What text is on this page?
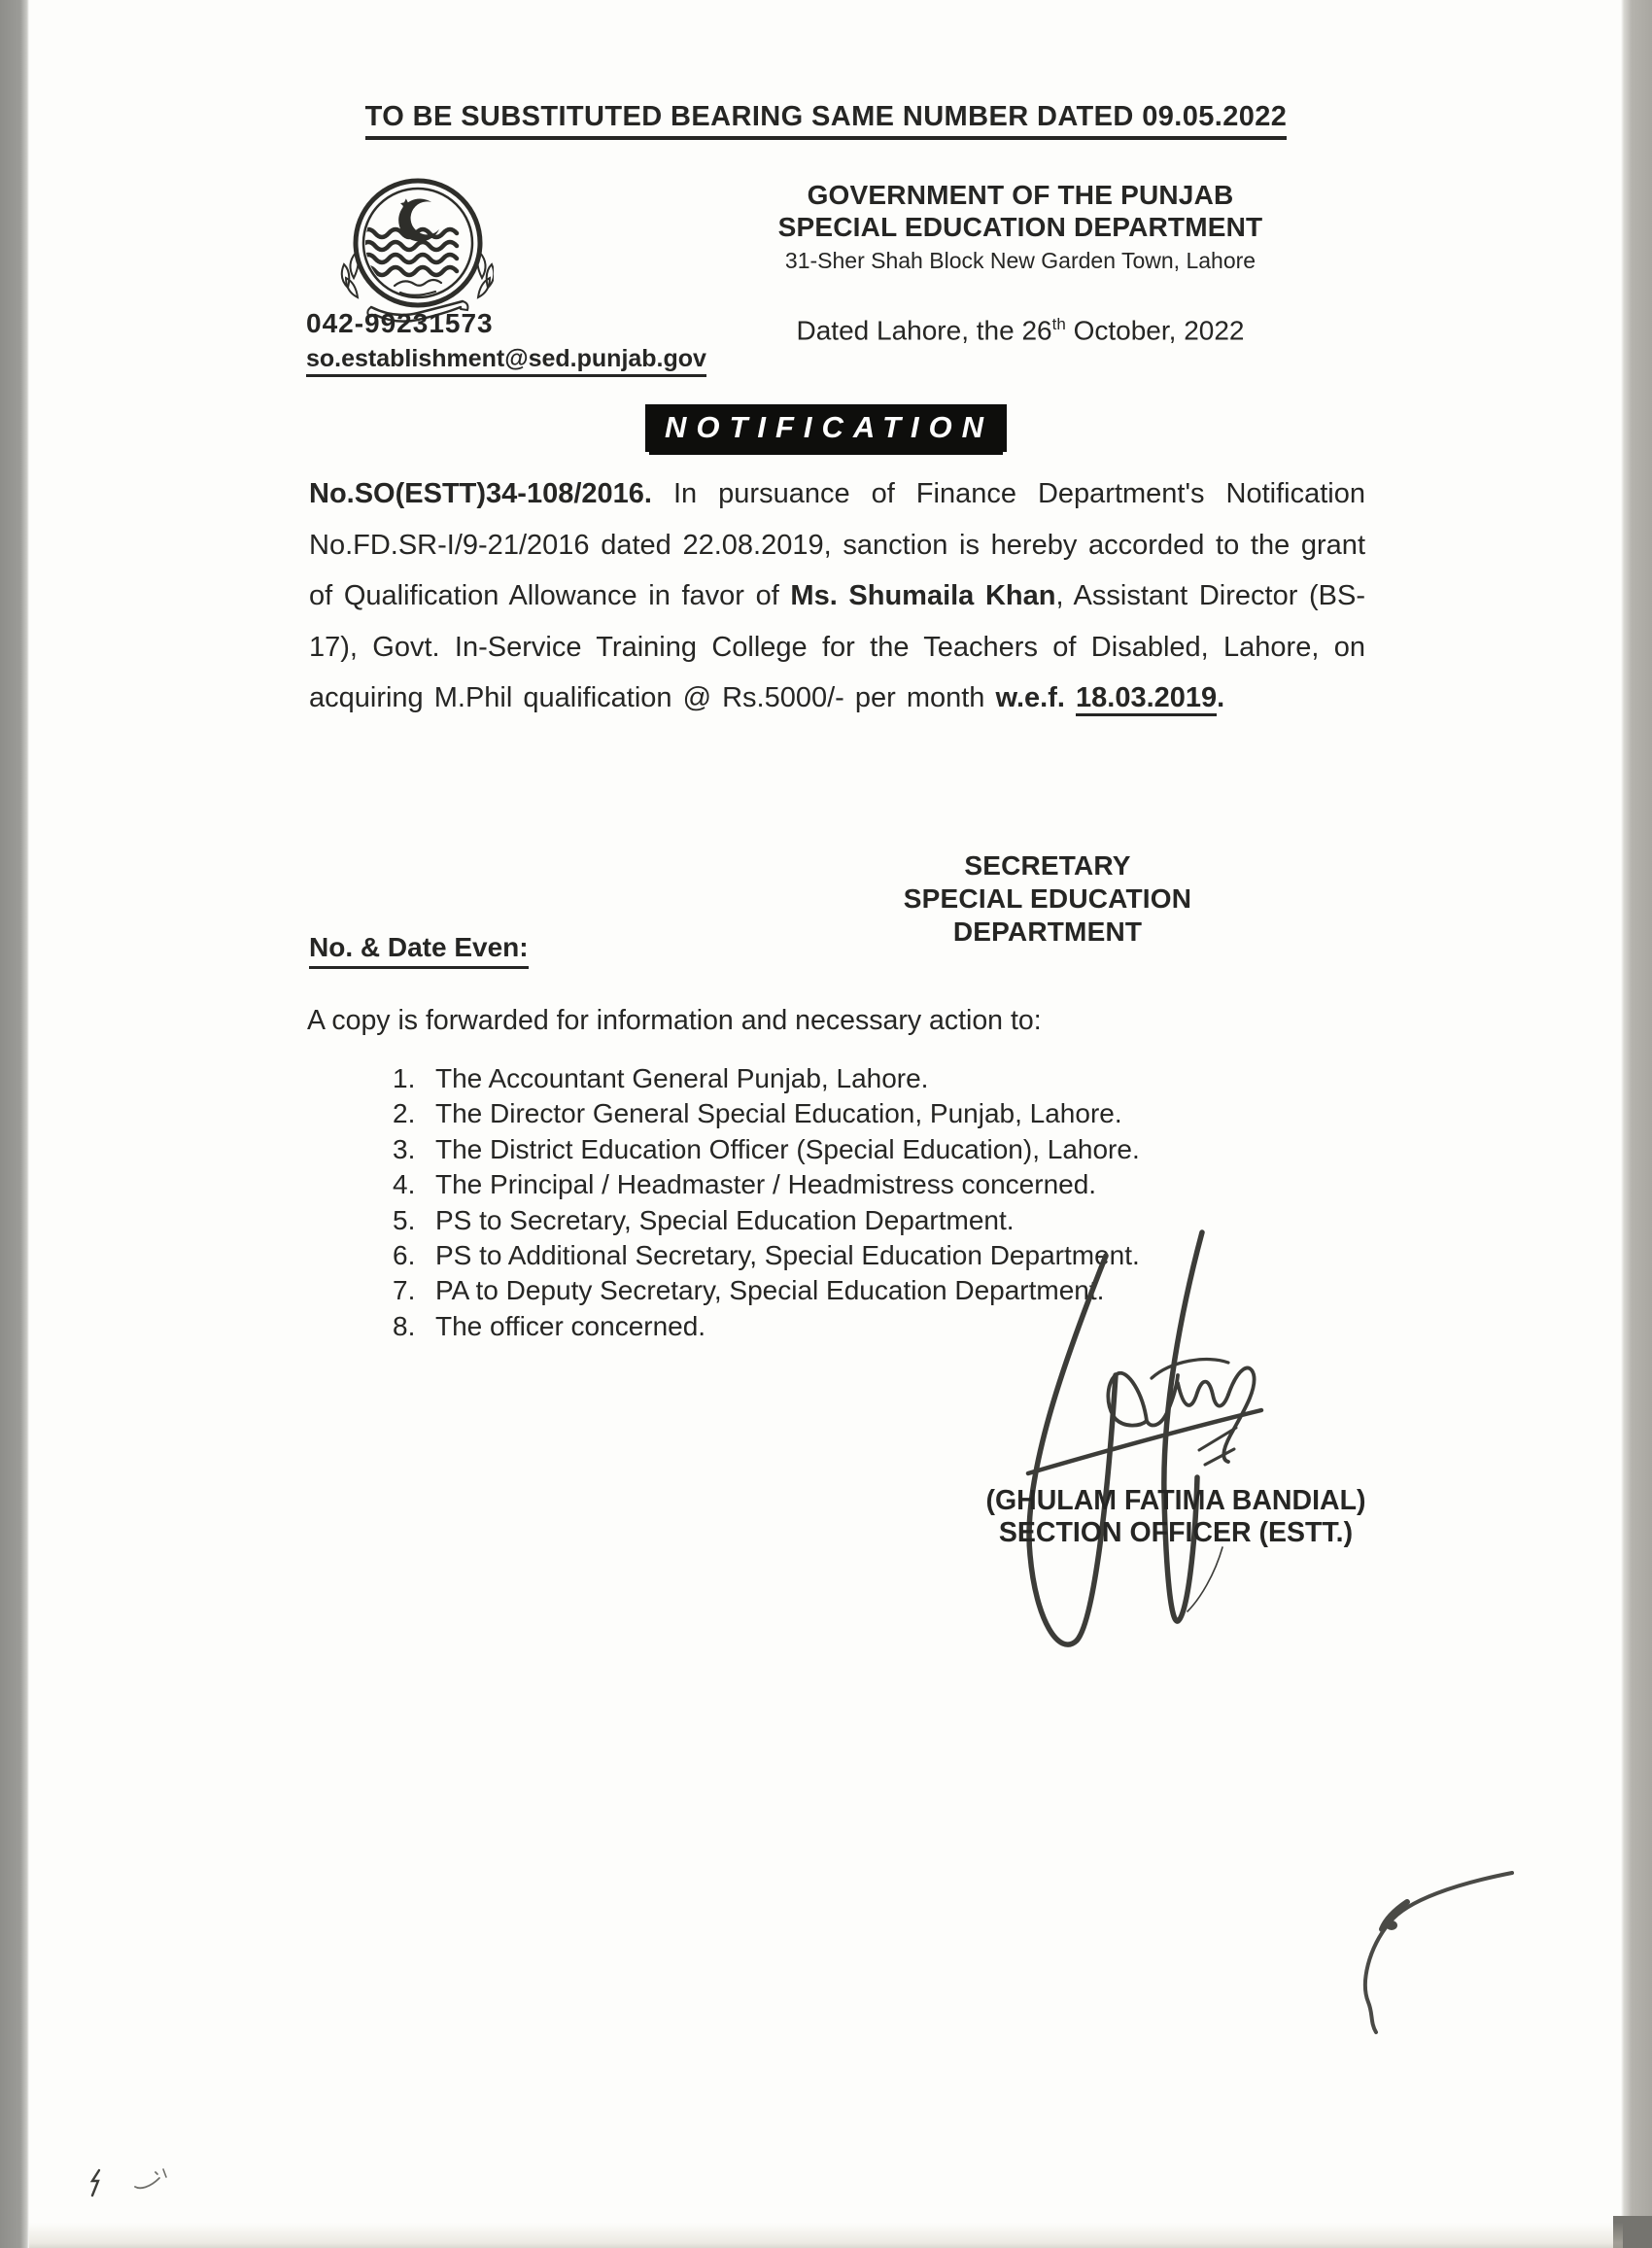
TO BE SUBSTITUTED BEARING SAME NUMBER DATED 09.05.2022
GOVERNMENT OF THE PUNJAB
SPECIAL EDUCATION DEPARTMENT
31-Sher Shah Block New Garden Town, Lahore
Dated Lahore, the 26th October, 2022
042-99231573
so.establishment@sed.punjab.gov
NOTIFICATION
No.SO(ESTT)34-108/2016. In pursuance of Finance Department's Notification No.FD.SR-I/9-21/2016 dated 22.08.2019, sanction is hereby accorded to the grant of Qualification Allowance in favor of Ms. Shumaila Khan, Assistant Director (BS-17), Govt. In-Service Training College for the Teachers of Disabled, Lahore, on acquiring M.Phil qualification @ Rs.5000/- per month w.e.f. 18.03.2019.
SECRETARY
SPECIAL EDUCATION
DEPARTMENT
No. & Date Even:
A copy is forwarded for information and necessary action to:
1. The Accountant General Punjab, Lahore.
2. The Director General Special Education, Punjab, Lahore.
3. The District Education Officer (Special Education), Lahore.
4. The Principal / Headmaster / Headmistress concerned.
5. PS to Secretary, Special Education Department.
6. PS to Additional Secretary, Special Education Department.
7. PA to Deputy Secretary, Special Education Department.
8. The officer concerned.
(GHULAM FATIMA BANDIAL)
SECTION OFFICER (ESTT.)
